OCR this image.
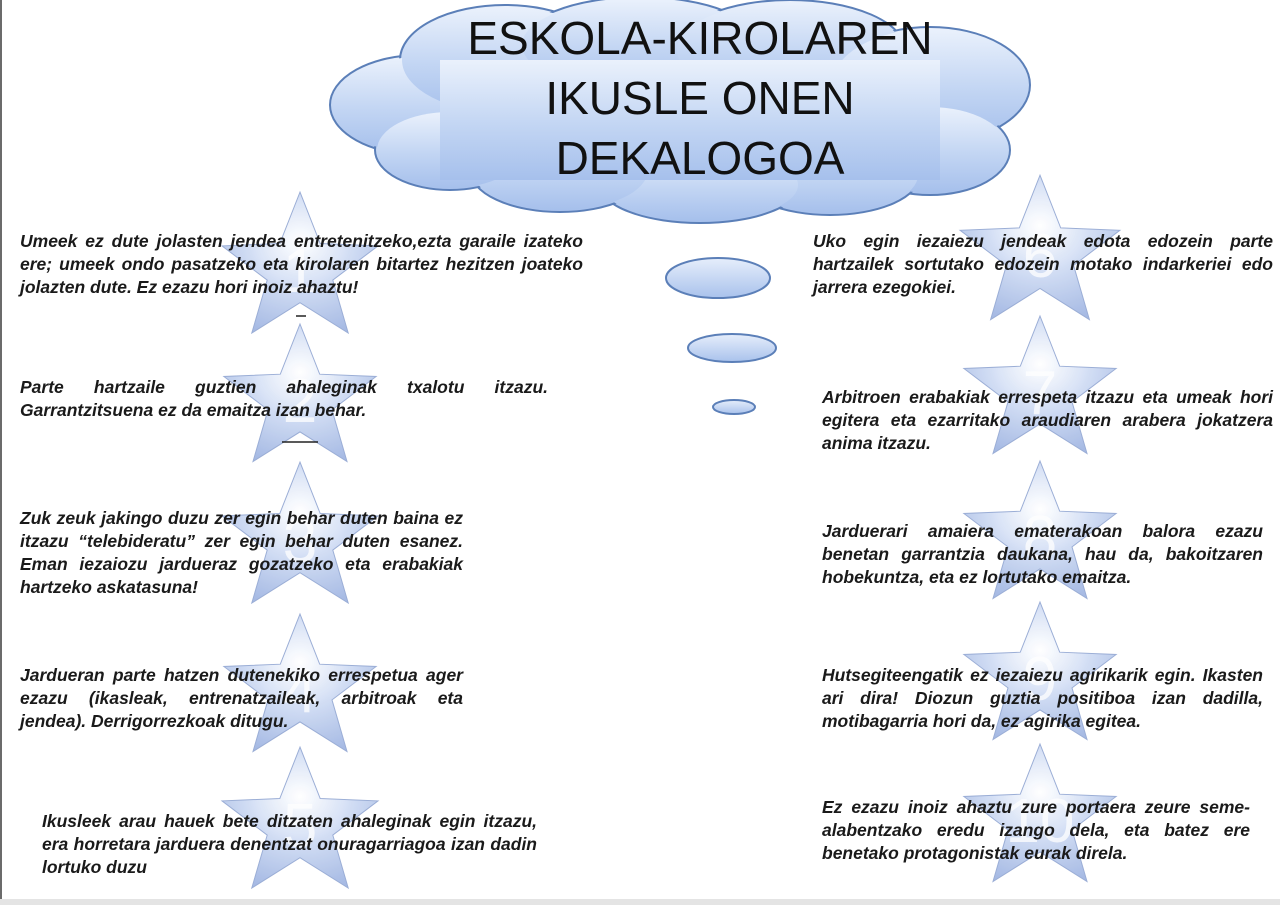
1
2
3
4
5
6
7
8
9
10
ESKOLA-KIROLAREN
IKUSLE ONEN
DEKALOGOA
Umeek ez dute jolasten jendea entretenitzeko,ezta garaile izateko ere; umeek ondo pasatzeko eta kirolaren bitartez hezitzen joateko jolazten dute. Ez ezazu hori inoiz ahaztu!
Parte hartzaile guztien ahaleginak txalotu itzazu. Garrantzitsuena ez da emaitza izan behar.
Zuk zeuk jakingo duzu zer egin behar duten baina ez itzazu “telebideratu” zer egin behar duten esanez. Eman iezaiozu jardueraz gozatzeko eta erabakiak hartzeko askatasuna!
Jardueran parte hatzen dutenekiko errespetua ager ezazu (ikasleak, entrenatzaileak, arbitroak eta jendea). Derrigorrezkoak ditugu.
Ikusleek arau hauek bete ditzaten ahaleginak egin itzazu, era horretara jarduera denentzat onuragarriagoa izan dadin lortuko duzu
Uko egin iezaiezu jendeak edota edozein parte hartzailek sortutako edozein motako indarkeriei edo jarrera ezegokiei.
Arbitroen erabakiak errespeta itzazu eta umeak hori egitera eta ezarritako araudiaren arabera jokatzera anima itzazu.
Jarduerari amaiera ematerakoan balora ezazu benetan garrantzia daukana, hau da, bakoitzaren hobekuntza, eta ez lortutako emaitza.
Hutsegiteengatik ez iezaiezu agirikarik egin. Ikasten ari dira! Diozun guztia positiboa izan dadilla, motibagarria hori da, ez agirika egitea.
Ez ezazu inoiz ahaztu zure portaera zeure seme-alabentzako eredu izango dela, eta batez ere benetako protagonistak eurak direla.
